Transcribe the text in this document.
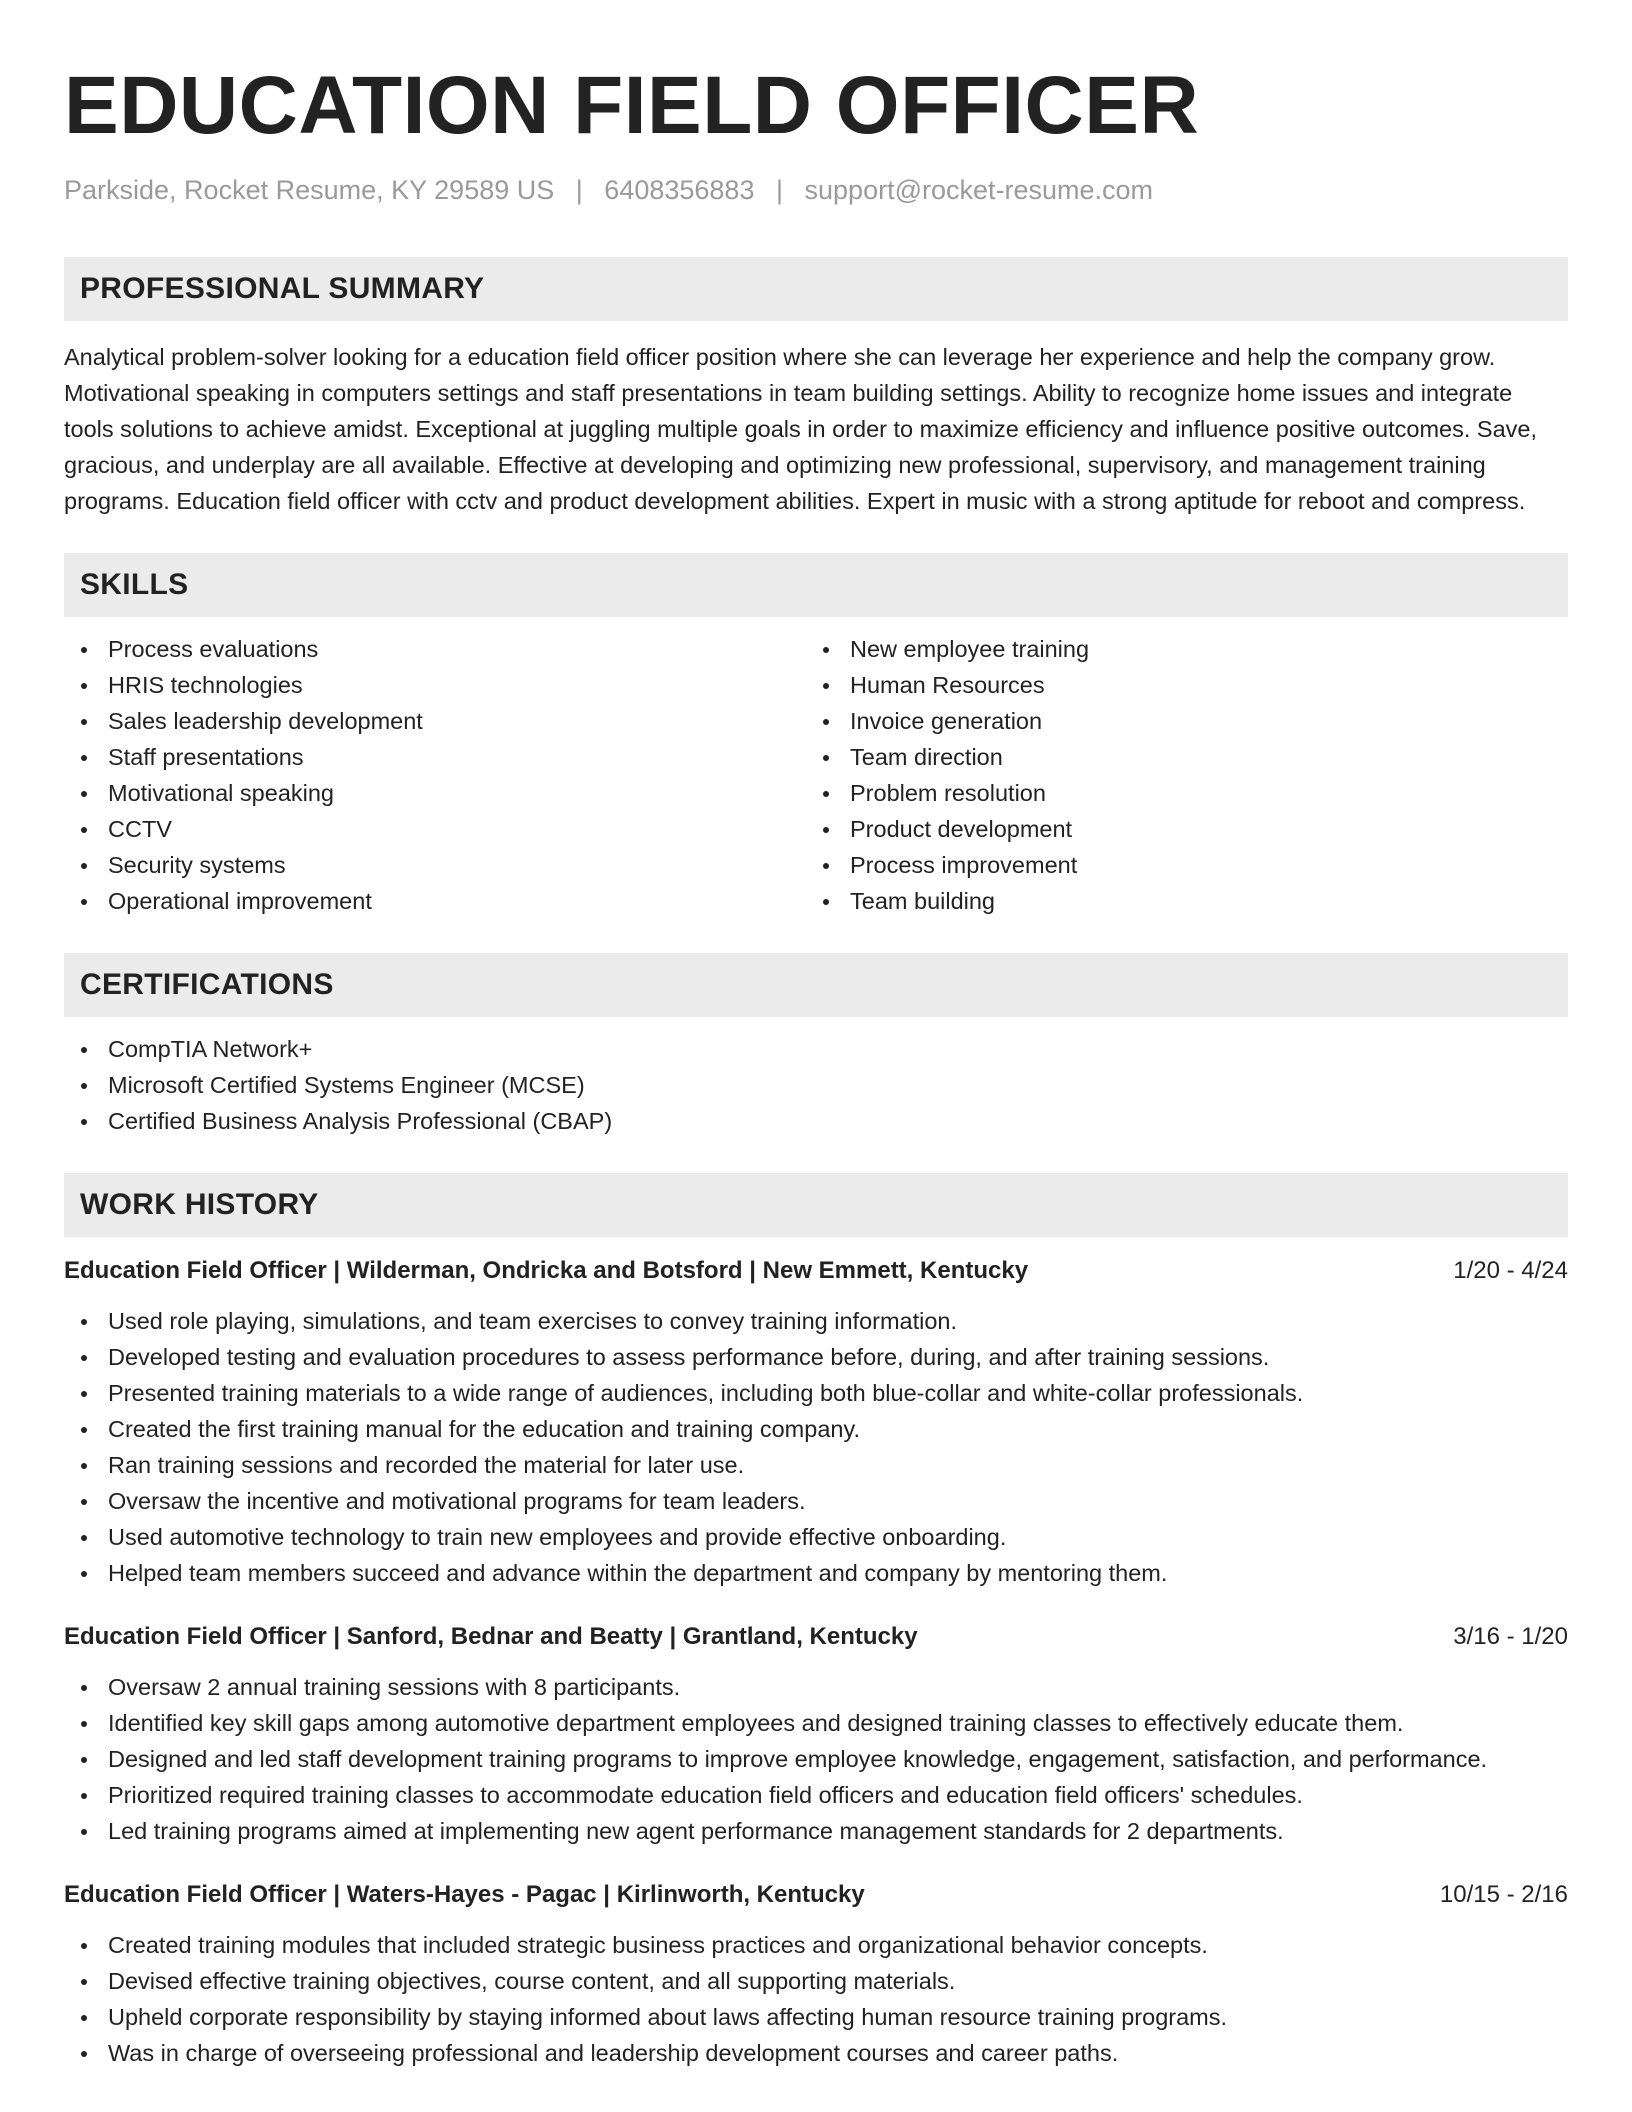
EDUCATION FIELD OFFICER
Parkside, Rocket Resume, KY 29589 US | 6408356883 | support@rocket-resume.com
PROFESSIONAL SUMMARY

Analytical problem-solver looking for a education field officer position where she can leverage her experience and help the company grow. Motivational speaking in computers settings and staff presentations in team building settings. Ability to recognize home issues and integrate tools solutions to achieve amidst. Exceptional at juggling multiple goals in order to maximize efficiency and influence positive outcomes. Save, gracious, and underplay are all available. Effective at developing and optimizing new professional, supervisory, and management training programs. Education field officer with cctv and product development abilities. Expert in music with a strong aptitude for reboot and compress.

SKILLS
Process evaluations
HRIS technologies
Sales leadership development
Staff presentations
Motivational speaking
CCTV
Security systems
Operational improvement
New employee training
Human Resources
Invoice generation
Team direction
Problem resolution
Product development
Process improvement
Team building
CERTIFICATIONS
CompTIA Network+
Microsoft Certified Systems Engineer (MCSE)
Certified Business Analysis Professional (CBAP)
WORK HISTORY
Education Field Officer | Wilderman, Ondricka and Botsford | New Emmett, Kentucky	1/20 - 4/24
Used role playing, simulations, and team exercises to convey training information.
Developed testing and evaluation procedures to assess performance before, during, and after training sessions.
Presented training materials to a wide range of audiences, including both blue-collar and white-collar professionals.
Created the first training manual for the education and training company.
Ran training sessions and recorded the material for later use.
Oversaw the incentive and motivational programs for team leaders.
Used automotive technology to train new employees and provide effective onboarding.
Helped team members succeed and advance within the department and company by mentoring them.
Education Field Officer | Sanford, Bednar and Beatty | Grantland, Kentucky	3/16 - 1/20
Oversaw 2 annual training sessions with 8 participants.
Identified key skill gaps among automotive department employees and designed training classes to effectively educate them.
Designed and led staff development training programs to improve employee knowledge, engagement, satisfaction, and performance.
Prioritized required training classes to accommodate education field officers and education field officers' schedules.
Led training programs aimed at implementing new agent performance management standards for 2 departments.
Education Field Officer | Waters-Hayes - Pagac | Kirlinworth, Kentucky	10/15 - 2/16
Created training modules that included strategic business practices and organizational behavior concepts.
Devised effective training objectives, course content, and all supporting materials.
Upheld corporate responsibility by staying informed about laws affecting human resource training programs.
Was in charge of overseeing professional and leadership development courses and career paths.
